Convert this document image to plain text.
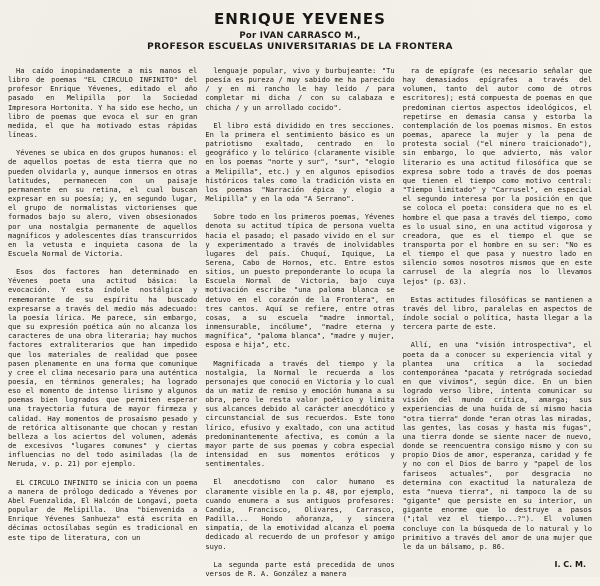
ENRIQUE YEVENES
Por IVAN CARRASCO M.,
PROFESOR ESCUELAS UNIVERSITARIAS DE LA FRONTERA

Ha caído inopinadamente a mis manos el libro de poemas "EL CIRCULO INFINITO" del profesor Enrique Yévenes, editado el año pasado en Melipilla por la Sociedad Impresora Hortonita. Y ha sido ese hecho, un libro de poemas que evoca el sur en gran medida, el que ha motivado estas rápidas líneas.

Yévenes se ubica en dos grupos humanos: el de aquellos poetas de esta tierra que no pueden olvidarla y, aunque inmersos en otras latitudes, permanecen con un paisaje permanente en su retina, el cual buscan expresar en su poesía; y, en segundo lugar, el grupo de normalistas victorienses que formados bajo su alero, viven obsesionados por una nostalgia permanente de aquellos magníficos y adolescentes días transcurridos en la vetusta e inquieta casona de la Escuela Normal de Victoria.

Esos dos factores han determinado en Yévenes poeta una actitud básica: la evocación. Y esta índole nostálgica y rememorante de su espíritu ha buscado expresarse a través del medio más adecuado: la poesía lírica. Me parece, sin embargo, que su expresión poética aún no alcanza los caracteres de una obra literaria; hay muchos factores extraliterarios que han impedido que los materiales de realidad que posee pasen plenamente en una forma que comunique y cree el clima necesario para una auténtica poesía, en términos generales; ha logrado eso el momento de intenso lirismo y algunos poemas bien logrados que permiten esperar una trayectoria futura de mayor firmeza y calidad. Hay momentos de prosaísmo pesado y de retórica altisonante que chocan y restan belleza a los aciertos del volumen, además de excesivos "lugares comunes" y ciertas influencias no del todo asimiladas (la de Neruda, v. p. 21) por ejemplo.

EL CIRCULO INFINITO se inicia con un poema a manera de prólogo dedicado a Yévenes por Abel Fuenzalida, El Halcón de Longaví, poeta popular de Melipilla. Una "bienvenida a Enrique Yévenes Sanhueza" está escrita en décimas octosílabas según es tradicional en este tipo de literatura, con un

lenguaje popular, vivo y burbujeante: "Tu poesía es pureza / muy sabido me ha parecido / y en mi rancho le hay leído / para completar mi dicha / con su calabaza e chicha / y un arrollado cocido".

El libro está dividido en tres secciones. En la primera el sentimiento básico es un patriotismo exaltado, centrado en lo geográfico y lo telúrico (claramente visible en los poemas "norte y sur", "sur", "elogio a Melipilla", etc.) y en algunos episodios históricos tales como la tradición vista en los poemas "Narración épica y elogio a Melipilla" y en la oda "A Serrano".

Sobre todo en los primeros poemas, Yévenes denota su actitud típica de persona vuelta hacia el pasado; el pasado vivido en el sur y experimentado a través de inolvidables lugares del país. Chuquí, Iquique, La Serena, Cabo de Hornos, etc. Entre estos sitios, un puesto preponderante lo ocupa la Escuela Normal de Victoria, bajo cuya motivación escribe "una paloma blanca se detuvo en el corazón de la Frontera", en tres cantos. Aquí se refiere, entre otras cosas, a su escuela "madre inmortal, inmensurable, incólume", "madre eterna y magnífica", "paloma blanca", "madre y mujer, esposa e hija", etc.

Magnificada a través del tiempo y la nostalgia, la Normal le recuerda a los personajes que conoció en Victoria y lo cual da un matiz de remiso y emoción humana a su obra, pero le resta valor poético y limita sus alcances debido al carácter anecdótico y circunstancial de sus recuerdos. Este tono lírico, efusivo y exaltado, con una actitud predominantemente afectiva, es común a la mayor parte de sus poemas y cobra especial intensidad en sus momentos eróticos y sentimentales.

El anecdotismo con calor humano es claramente visible en la p. 48, por ejemplo, cuando enumera a sus antiguos profesores: Candia, Francisco, Olivares, Carrasco, Padilla... Hondo añoranza, y sincera simpatía, de la emotividad alcanza el poema dedicado al recuerdo de un profesor y amigo suyo.

La segunda parte está precedida de unos versos de R. A. González a manera

ra de epígrafe (es necesario señalar que hay demasiados epígrafes a través del volumen, tanto del autor como de otros escritores); está compuesta de poemas en que predominan ciertos aspectos ideológicos, el repetirse en demasía cansa y estorba la contemplación de los poemas mismos. En estos poemas, aparece la mujer y la pena de protesta social ("el minero traicionado"), sin embargo, lo que advierto, más valor literario es una actitud filosófica que se expresa sobre todo a través de dos poemas que tienen el tiempo como motivo central: "Tiempo limitado" y "Carrusel", en especial el segundo interesa por la posición en que se coloca el poeta: considera que no es el hombre el que pasa a través del tiempo, como es lo usual sino, en una actitud vigorosa y creadora, que es el tiempo el que se transporta por el hombre en su ser: "No es el tiempo el que pasa y nuestro lado en silencio somos nosotros mismos que en este carrusel de la alegría nos lo llevamos lejos" (p. 63).

Estas actitudes filosóficas se mantienen a través del libro, paralelas en aspectos de índole social o política, hasta llegar a la tercera parte de este.

Allí, en una "visión introspectiva", el poeta da a conocer su experiencia vital y plantea una crítica a la sociedad contemporánea "pacata y retrógrada sociedad en que vivimos", según dice. En un bien logrado verso libre, intenta comunicar su visión del mundo crítica, amarga; sus experiencias de una huida de sí mismo hacia "otra tierra" donde "eran otras las miradas, las gentes, las cosas y hasta mis fugas", una tierra donde se siente nacer de nuevo, donde se reencuentra consigo mismo y con su propio Dios de amor, esperanza, caridad y fe y no con el Dios de barro y "papel de los fariseos actuales", por desgracia no determina con exactitud la naturaleza de esta "nueva tierra", ni tampoco la de su "gigante" que persiste en su interior, un gigante enorme que lo destruye a pasos ("¡tal vez el tiempo...?"). El volumen concluye con la búsqueda de lo natural y lo primitivo a través del amor de una mujer que le da un bálsamo, p. 86.

I. C. M.
